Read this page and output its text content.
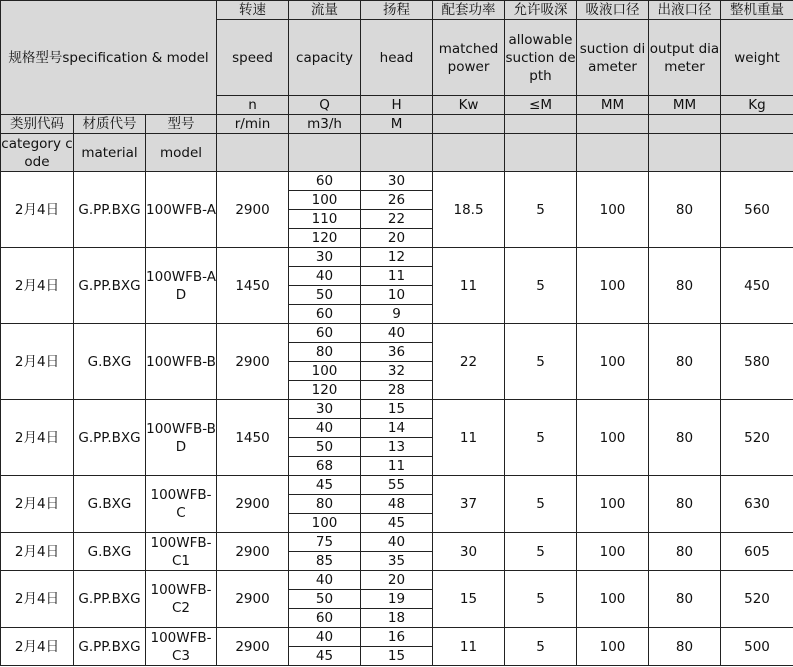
规格型号specification & model			转速	流量	扬程	配套功率	允许吸深	吸液口径	出液口径	整机重量
			speed	capacity	head	matched power	allowable suction depth	suction diameter	output diameter	weight
			n	Q	H	Kw	≤M	MM	MM	Kg
类别代码	材质代号	型号	r/min	m3/h	M					
category code	material	model								
2月4日	G.PP.BXG	100WFB-A	2900	60	30	18.5	5	100	80	560
				100	26					
				110	22					
				120	20					
2月4日	G.PP.BXG	100WFB-AD	1450	30	12	11	5	100	80	450
				40	11					
				50	10					
				60	9					
2月4日	G.BXG	100WFB-B	2900	60	40	22	5	100	80	580
				80	36					
				100	32					
				120	28					
2月4日	G.PP.BXG	100WFB-BD	1450	30	15	11	5	100	80	520
				40	14					
				50	13					
				68	11					
2月4日	G.BXG	100WFB-C	2900	45	55	37	5	100	80	630
				80	48					
				100	45					
2月4日	G.BXG	100WFB-C1	2900	75	40	30	5	100	80	605
				85	35					
2月4日	G.PP.BXG	100WFB-C2	2900	40	20	15	5	100	80	520
				50	19					
				60	18					
2月4日	G.PP.BXG	100WFB-C3	2900	40	16	11	5	100	80	500
				45	15					
